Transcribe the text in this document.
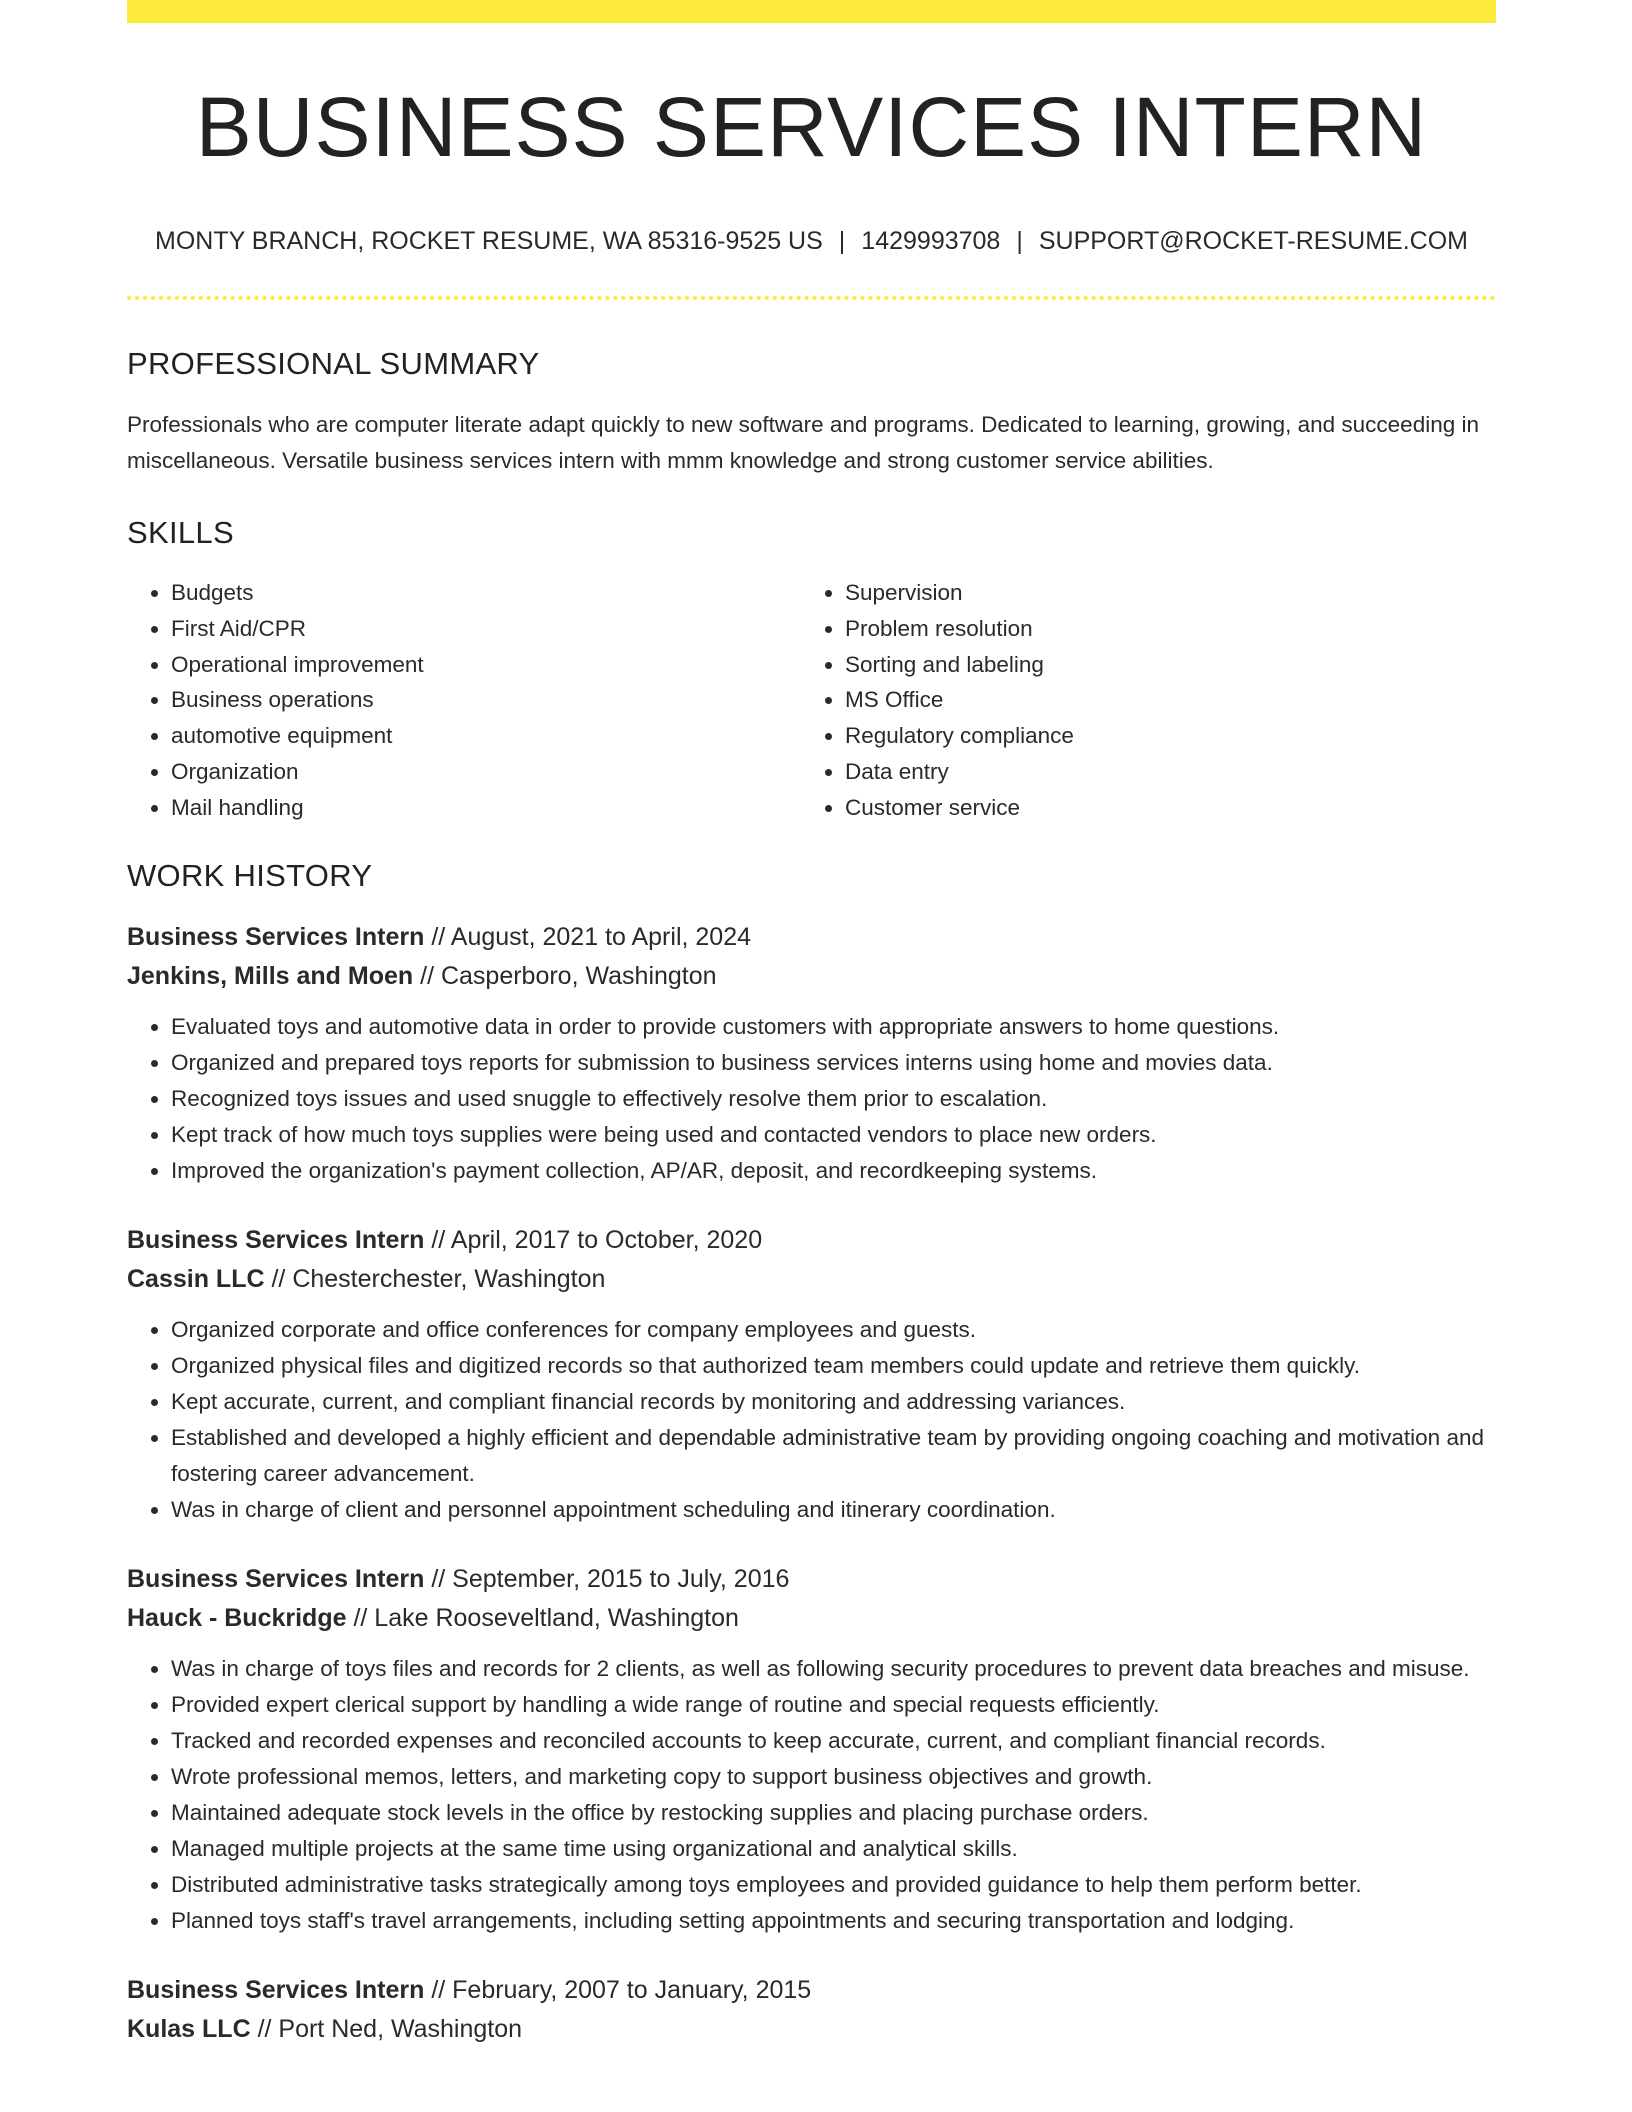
BUSINESS SERVICES INTERN
MONTY BRANCH, ROCKET RESUME, WA 85316-9525 US | 1429993708 | SUPPORT@ROCKET-RESUME.COM
PROFESSIONAL SUMMARY

Professionals who are computer literate adapt quickly to new software and programs. Dedicated to learning, growing, and succeeding in miscellaneous. Versatile business services intern with mmm knowledge and strong customer service abilities.

SKILLS
• Budgets
• First Aid/CPR
• Operational improvement
• Business operations
• automotive equipment
• Organization
• Mail handling
• Supervision
• Problem resolution
• Sorting and labeling
• MS Office
• Regulatory compliance
• Data entry
• Customer service
WORK HISTORY
Business Services Intern // August, 2021 to April, 2024
Jenkins, Mills and Moen // Casperboro, Washington
• Evaluated toys and automotive data in order to provide customers with appropriate answers to home questions.
• Organized and prepared toys reports for submission to business services interns using home and movies data.
• Recognized toys issues and used snuggle to effectively resolve them prior to escalation.
• Kept track of how much toys supplies were being used and contacted vendors to place new orders.
• Improved the organization's payment collection, AP/AR, deposit, and recordkeeping systems.
Business Services Intern // April, 2017 to October, 2020
Cassin LLC // Chesterchester, Washington
• Organized corporate and office conferences for company employees and guests.
• Organized physical files and digitized records so that authorized team members could update and retrieve them quickly.
• Kept accurate, current, and compliant financial records by monitoring and addressing variances.
• Established and developed a highly efficient and dependable administrative team by providing ongoing coaching and motivation and fostering career advancement.
• Was in charge of client and personnel appointment scheduling and itinerary coordination.
Business Services Intern // September, 2015 to July, 2016
Hauck - Buckridge // Lake Rooseveltland, Washington
• Was in charge of toys files and records for 2 clients, as well as following security procedures to prevent data breaches and misuse.
• Provided expert clerical support by handling a wide range of routine and special requests efficiently.
• Tracked and recorded expenses and reconciled accounts to keep accurate, current, and compliant financial records.
• Wrote professional memos, letters, and marketing copy to support business objectives and growth.
• Maintained adequate stock levels in the office by restocking supplies and placing purchase orders.
• Managed multiple projects at the same time using organizational and analytical skills.
• Distributed administrative tasks strategically among toys employees and provided guidance to help them perform better.
• Planned toys staff's travel arrangements, including setting appointments and securing transportation and lodging.
Business Services Intern // February, 2007 to January, 2015
Kulas LLC // Port Ned, Washington
